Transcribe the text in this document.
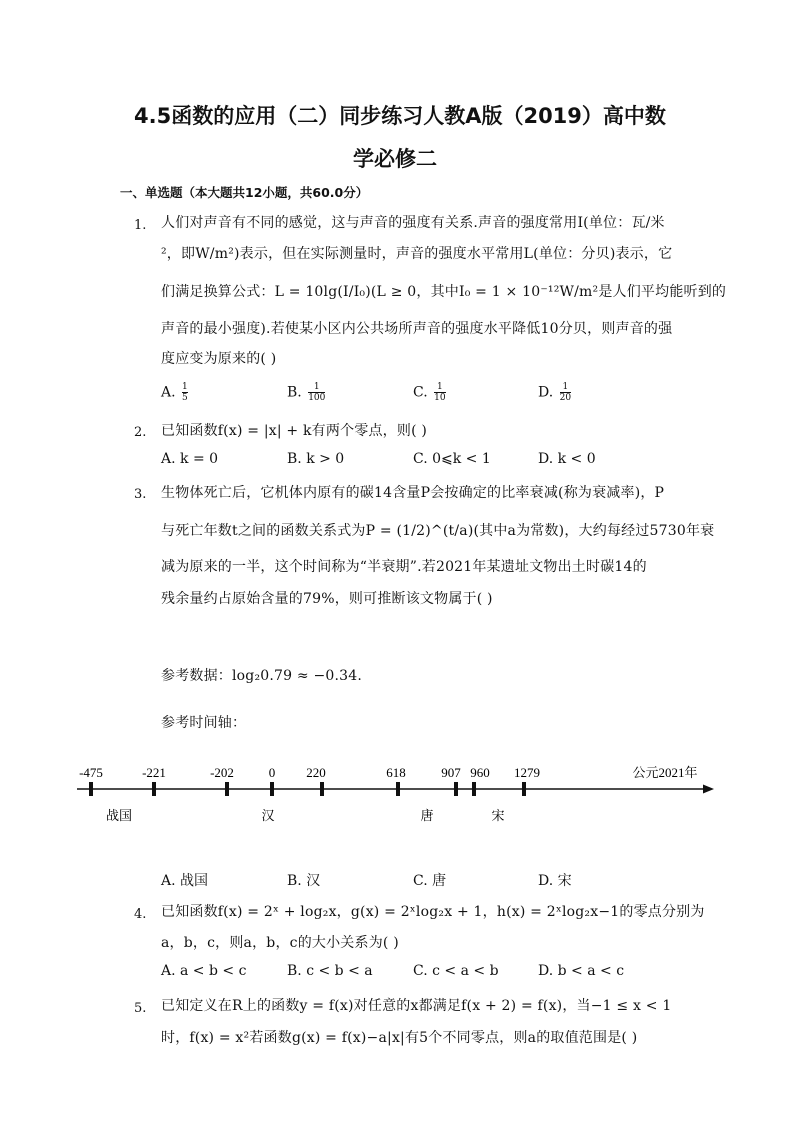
4.5函数的应用（二）同步练习人教A版（2019）高中数
学必修二
一、单选题（本大题共12小题，共60.0分）
1. 人们对声音有不同的感觉，这与声音的强度有关系.声音的强度常用I(单位：瓦/米
²，即W/m²)表示，但在实际测量时，声音的强度水平常用L(单位：分贝)表示，它
们满足换算公式：L = 10lg(I/I₀)(L ≥ 0，其中I₀ = 1 × 10⁻¹²W/m²是人们平均能听到的
声音的最小强度).若使某小区内公共场所声音的强度水平降低10分贝，则声音的强
度应变为原来的( )
A. $\frac{1}{5}$	B. $\frac{1}{100}$	C. $\frac{1}{10}$	D. $\frac{1}{20}$
2. 已知函数f(x) = |x| + k有两个零点，则( )
A. k = 0	B. k > 0	C. 0⩽k < 1	D. k < 0
3. 生物体死亡后，它机体内原有的碳14含量P会按确定的比率衰减(称为衰减率)，P
与死亡年数t之间的函数关系式为P = (1/2)^(t/a)(其中a为常数)，大约每经过5730年衰
减为原来的一半，这个时间称为“半衰期”.若2021年某遗址文物出土时碳14的
残余量约占原始含量的79%，则可推断该文物属于( )
参考数据：log₂0.79 ≈ −0.34.
参考时间轴：
-475	-221	-202	0 220	618	907 960 1279	公元2021年
战国	汉	唐	宋
A. 战国	B. 汉	C. 唐	D. 宋
4. 已知函数f(x) = 2ˣ + log₂x，g(x) = 2ˣlog₂x + 1，h(x) = 2ˣlog₂x−1的零点分别为
a，b，c，则a，b，c的大小关系为( )
A. a < b < c	B. c < b < a	C. c < a < b	D. b < a < c
5. 已知定义在R上的函数y = f(x)对任意的x都满足f(x + 2) = f(x)，当−1 ≤ x < 1
时，f(x) = x²若函数g(x) = f(x)−a|x|有5个不同零点，则a的取值范围是( )
